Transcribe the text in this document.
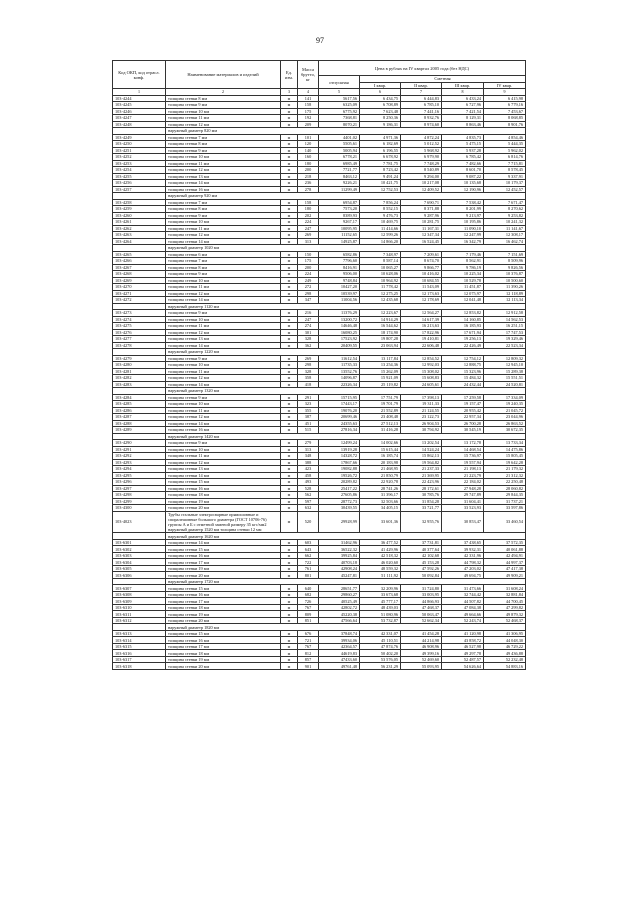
97
Код ОКП, код отрасл. конф.	Наименование материалов и изделий	Ед. изм.	Масса брутто, кг	Цена в рублях на IV квартал 2005 года (без НДС)				
				отпускная	Сметная			
					I квар.	II квар.	III квар.	IV квар.
1	2	3	4	5	6	7	8	9
103-4244	толщина стенки 8 мм	м	141	5617,56	6 434,75	6 444,83	6 433,24	6 415,98
103-4245	толщина стенки 9 мм	м	158	6325,09	6 708,89	6 785,10	6 727,96	6 779,16
103-4246	толщина стенки 10 мм	м	175	6775,92	7 623,48	7 441,16	7 421,54	7 453,67
103-4247	толщина стенки 11 мм	м	192	7368,81	8 250,36	8 932,76	8 129,31	8 068,85
103-4248	толщина стенки 12 мм	м	209	8070,21	9 186,31	8 974,60	8 863,46	8 901,76
	наружный диаметр 820 мм							
103-4249	толщина стенки 7 мм	м	101	4401,02	4 971,36	4 872,24	4 835,73	4 854,46
103-4250	толщина стенки 8 мм	м	120	5505,61	6 182,69	5 012,52	5 475,15	5 444,35
103-4251	толщина стенки 9 мм	м	140	5005,94	6 196,55	5 968,92	5 937,28	5 962,02
103-4252	толщина стенки 10 мм	м	160	6778,21	6 678,92	6 979,90	6 785,42	6 814,76
103-4253	толщина стенки 11 мм	м	180	6985,49	7 781,75	7 748,29	7 482,66	7 715,81
103-4254	толщина стенки 12 мм	м	200	7721,77	8 723,42	8 540,89	8 601,70	8 578,45
103-4255	толщина стенки 13 мм	м	218	8463,12	9 491,24	9 294,00	9 087,22	9 337,91
103-4256	толщина стенки 14 мм	м	236	9226,21	10 421,75	10 217,08	10 135,68	10 179,37
103-4257	толщина стенки 16 мм	м	278	11299,49	12 752,53	12 409,52	12 190,96	12 452,57
	наружный диаметр 920 мм							
103-4258	толщина стенки 7 мм	м	158	6954,87	7 856,24	7 690,71	7 538,42	7 671,47
103-4259	толщина стенки 8 мм	м	180	7573,20	8 552,15	8 371,88	8 201,99	8 270,62
103-4260	толщина стенки 9 мм	м	202	8389,93	9 476,73	9 287,96	9 213,97	9 253,82
103-4261	толщина стенки 10 мм	м	224	9267,17	10 469,75	10 281,75	10 195,86	10 241,32
103-4262	толщина стенки 11 мм	м	247	10095,95	11 414,66	11 167,31	11 090,10	11 141,67
103-4263	толщина стенки 12 мм	м	269	11152,65	12 599,26	12 347,34	12 247,99	12 308,17
103-4264	толщина стенки 14 мм	м	313	14925,87	14 866,20	16 524,45	16 342,79	16 462,74
	наружный диаметр 1020 мм							
103-4265	толщина стенки 6 мм	м	150	6582,86	7 348,97	7 209,61	7 179,46	7 151,69
103-4266	толщина стенки 7 мм	м	175	7796,60	8 587,14	8 674,70	8 562,91	8 509,96
103-4267	толщина стенки 8 мм	м	200	8416,91	10 065,27	9 866,77	9 786,19	9 826,56
103-4268	толщина стенки 9 мм	м	224	9506,00	10 628,06	10 416,02	10 225,34	10 376,87
103-4269	толщина стенки 10 мм	м	249	9748,84	10 964,92	10 684,55	10 529,78	10 500,60
103-4270	толщина стенки 11 мм	м	272	10427,20	11 778,42	11 543,09	11 451,87	11 390,26
103-4271	толщина стенки 12 мм	м	298	10539,97	12 275,25	12 173,63	12 075,97	12 118,89
103-4272	толщина стенки 14 мм	м	347	11004,56	12 435,68	12 178,69	12 041,48	12 113,34
	наружный диаметр 1120 мм							
103-4273	толщина стенки 9 мм	м	216	11376,29	12 223,67	12 564,27	12 853,82	12 912,58
103-4274	толщина стенки 10 мм	м	247	13200,72	14 914,29	14 617,39	14 160,85	14 562,53
103-4275	толщина стенки 11 мм	м	274	14646,48	16 544,62	16 213,63	16 185,93	16 251,15
103-4276	толщина стенки 12 мм	м	301	16080,25	18 174,90	17 822,96	17 671,94	17 747,53
103-4277	толщина стенки 13 мм	м	328	17523,92	19 807,28	19 410,81	19 256,13	19 329,46
103-4278	толщина стенки 14 мм	м	362	20409,55	23 063,94	22 606,48	22 426,49	22 523,34
	наружный диаметр 1220 мм							
103-4279	толщина стенки 9 мм	м	269	11612,54	13 117,84	12 854,52	12 754,12	12 809,32
103-4280	толщина стенки 10 мм	м	298	11735,33	13 254,36	12 992,03	12 888,75	12 945,10
103-4281	толщина стенки 11 мм	м	328	13552,76	15 262,09	15 308,02	15 323,96	15 289,38
103-4282	толщина стенки 12 мм	м	358	14096,87	15 921,09	15 608,83	15 484,32	15 551,51
103-4283	толщина стенки 14 мм	м	418	22326,34	25 119,82	24 605,61	24 432,44	24 520,81
	наружный диаметр 1320 мм							
103-4284	толщина стенки 9 мм	м	291	15715,95	17 751,79	17 398,13	17 259,58	17 334,09
103-4285	толщина стенки 10 мм	м	323	17443,17	19 701,79	19 311,33	19 157,47	19 240,35
103-4286	толщина стенки 11 мм	м	355	19076,20	21 552,89	21 124,55	20 955,42	21 045,72
103-4287	толщина стенки 12 мм	м	387	20699,46	23 408,48	23 122,73	22 957,34	23 044,96
103-4288	толщина стенки 14 мм	м	451	24355,63	27 512,13	26 904,53	26 700,28	26 863,52
103-4289	толщина стенки 16 мм	м	515	27816,34	31 416,28	30 794,92	30 545,19	30 672,35
	наружный диаметр 1420 мм							
103-4290	толщина стенки 9 мм	м	279	12499,24	14 002,66	13 202,54	13 172,78	13 733,34
103-4291	толщина стенки 10 мм	м	313	13919,28	15 615,44	14 524,24	14 468,54	14 475,86
103-4292	толщина стенки 11 мм	м	348	14328,72	16 185,74	15 862,13	15 736,97	15 805,45
103-4293	толщина стенки 12 мм	м	388	17867,66	20 183,98	19 564,82	19 557,94	19 642,28
103-4294	толщина стенки 13 мм	м	423	19082,88	21 468,95	21 237,33	21 198,13	21 179,32
103-4295	толщина стенки 14 мм	м	458	19526,72	21 850,79	21 369,95	21 223,79	21 312,32
103-4296	толщина стенки 15 мм	м	493	20289,82	22 920,78	22 423,96	22 184,02	22 250,48
103-4297	толщина стенки 16 мм	м	528	25417,22	28 741,26	28 172,61	27 948,28	28 060,82
103-4298	толщина стенки 18 мм	м	562	27605,86	31 396,17	30 785,76	29 747,89	29 844,35
103-4299	толщина стенки 19 мм	м	597	28772,73	32 503,66	31 854,28	31 604,41	31 737,21
103-4300	толщина стенки 20 мм	м	632	30439,55	34 405,15	33 721,77	33 523,93	33 597,86
103-4023	Трубы стальные электросварные прямошовные и спиралешовные большого диаметра (ГОСТ 10706-76) группы А и Б с отметной заменой размеру 35 кгс/мм2 наружный диаметр 1520 мм толщина стенки 12 мм	м	520	29928,99	33 601,36	32 955,76	30 853,47	33 460,54
	наружный диаметр 1620 мм							
103-6301	толщина стенки 14 мм	м	603	31462,96	36 477,52	37 731,81	37 438,65	37 572,35
103-6302	толщина стенки 15 мм	м	643	36522,32	41 429,96	40 377,64	39 932,31	40 061,88
103-6303	толщина стенки 16 мм	м	662	39925,84	42 518,32	42 102,68	42 331,96	42 494,91
103-6304	толщина стенки 17 мм	м	722	40703,18	46 020,60	45 153,28	44 798,32	44 997,37
103-6305	толщина стенки 19 мм	м	761	42908,24	48 559,32	47 592,26	47 203,02	47 417,38
103-6306	толщина стенки 20 мм	м	801	45247,81	51 111,92	50 092,84	49 694,75	49 909,21
	наружный диаметр 1720 мм							
103-6307	толщина стенки 15 мм	м	640	28651,77	32 209,96	31 724,80	31 473,66	31 608,24
103-6308	толщина стенки 16 мм	м	682	29860,27	33 673,68	33 003,95	32 744,42	32 881,84
103-6309	толщина стенки 17 мм	м	726	40525,49	45 777,17	44 866,93	44 507,82	44 700,45
103-6310	толщина стенки 18 мм	м	767	42802,72	48 439,03	47 468,37	47 084,38	47 299,82
103-6311	толщина стенки 19 мм	м	809	45220,38	51 080,96	50 063,47	49 664,66	49 879,32
103-6312	толщина стенки 20 мм	м	851	47566,64	53 732,87	52 662,34	52 243,74	52 468,37
	наружный диаметр 1820 мм							
103-6313	толщина стенки 15 мм	м	676	37848,74	42 331,07	41 454,28	41 120,98	41 306,95
103-6314	толщина стенки 16 мм	м	721	39934,06	45 110,51	44 214,98	43 858,72	44 048,30
103-6315	толщина стенки 17 мм	м	767	42364,57	47 874,76	46 908,96	46 527,98	46 729,22
103-6316	толщина стенки 18 мм	м	812	44619,83	50 402,20	49 399,16	49 297,78	49 436,88
103-6317	толщина стенки 19 мм	м	857	47433,60	53 576,05	52 469,60	52 487,57	52 232,48
103-6318	толщина стенки 20 мм	м	901	49761,48	56 231,29	55 093,95	54 626,64	54 883,16
